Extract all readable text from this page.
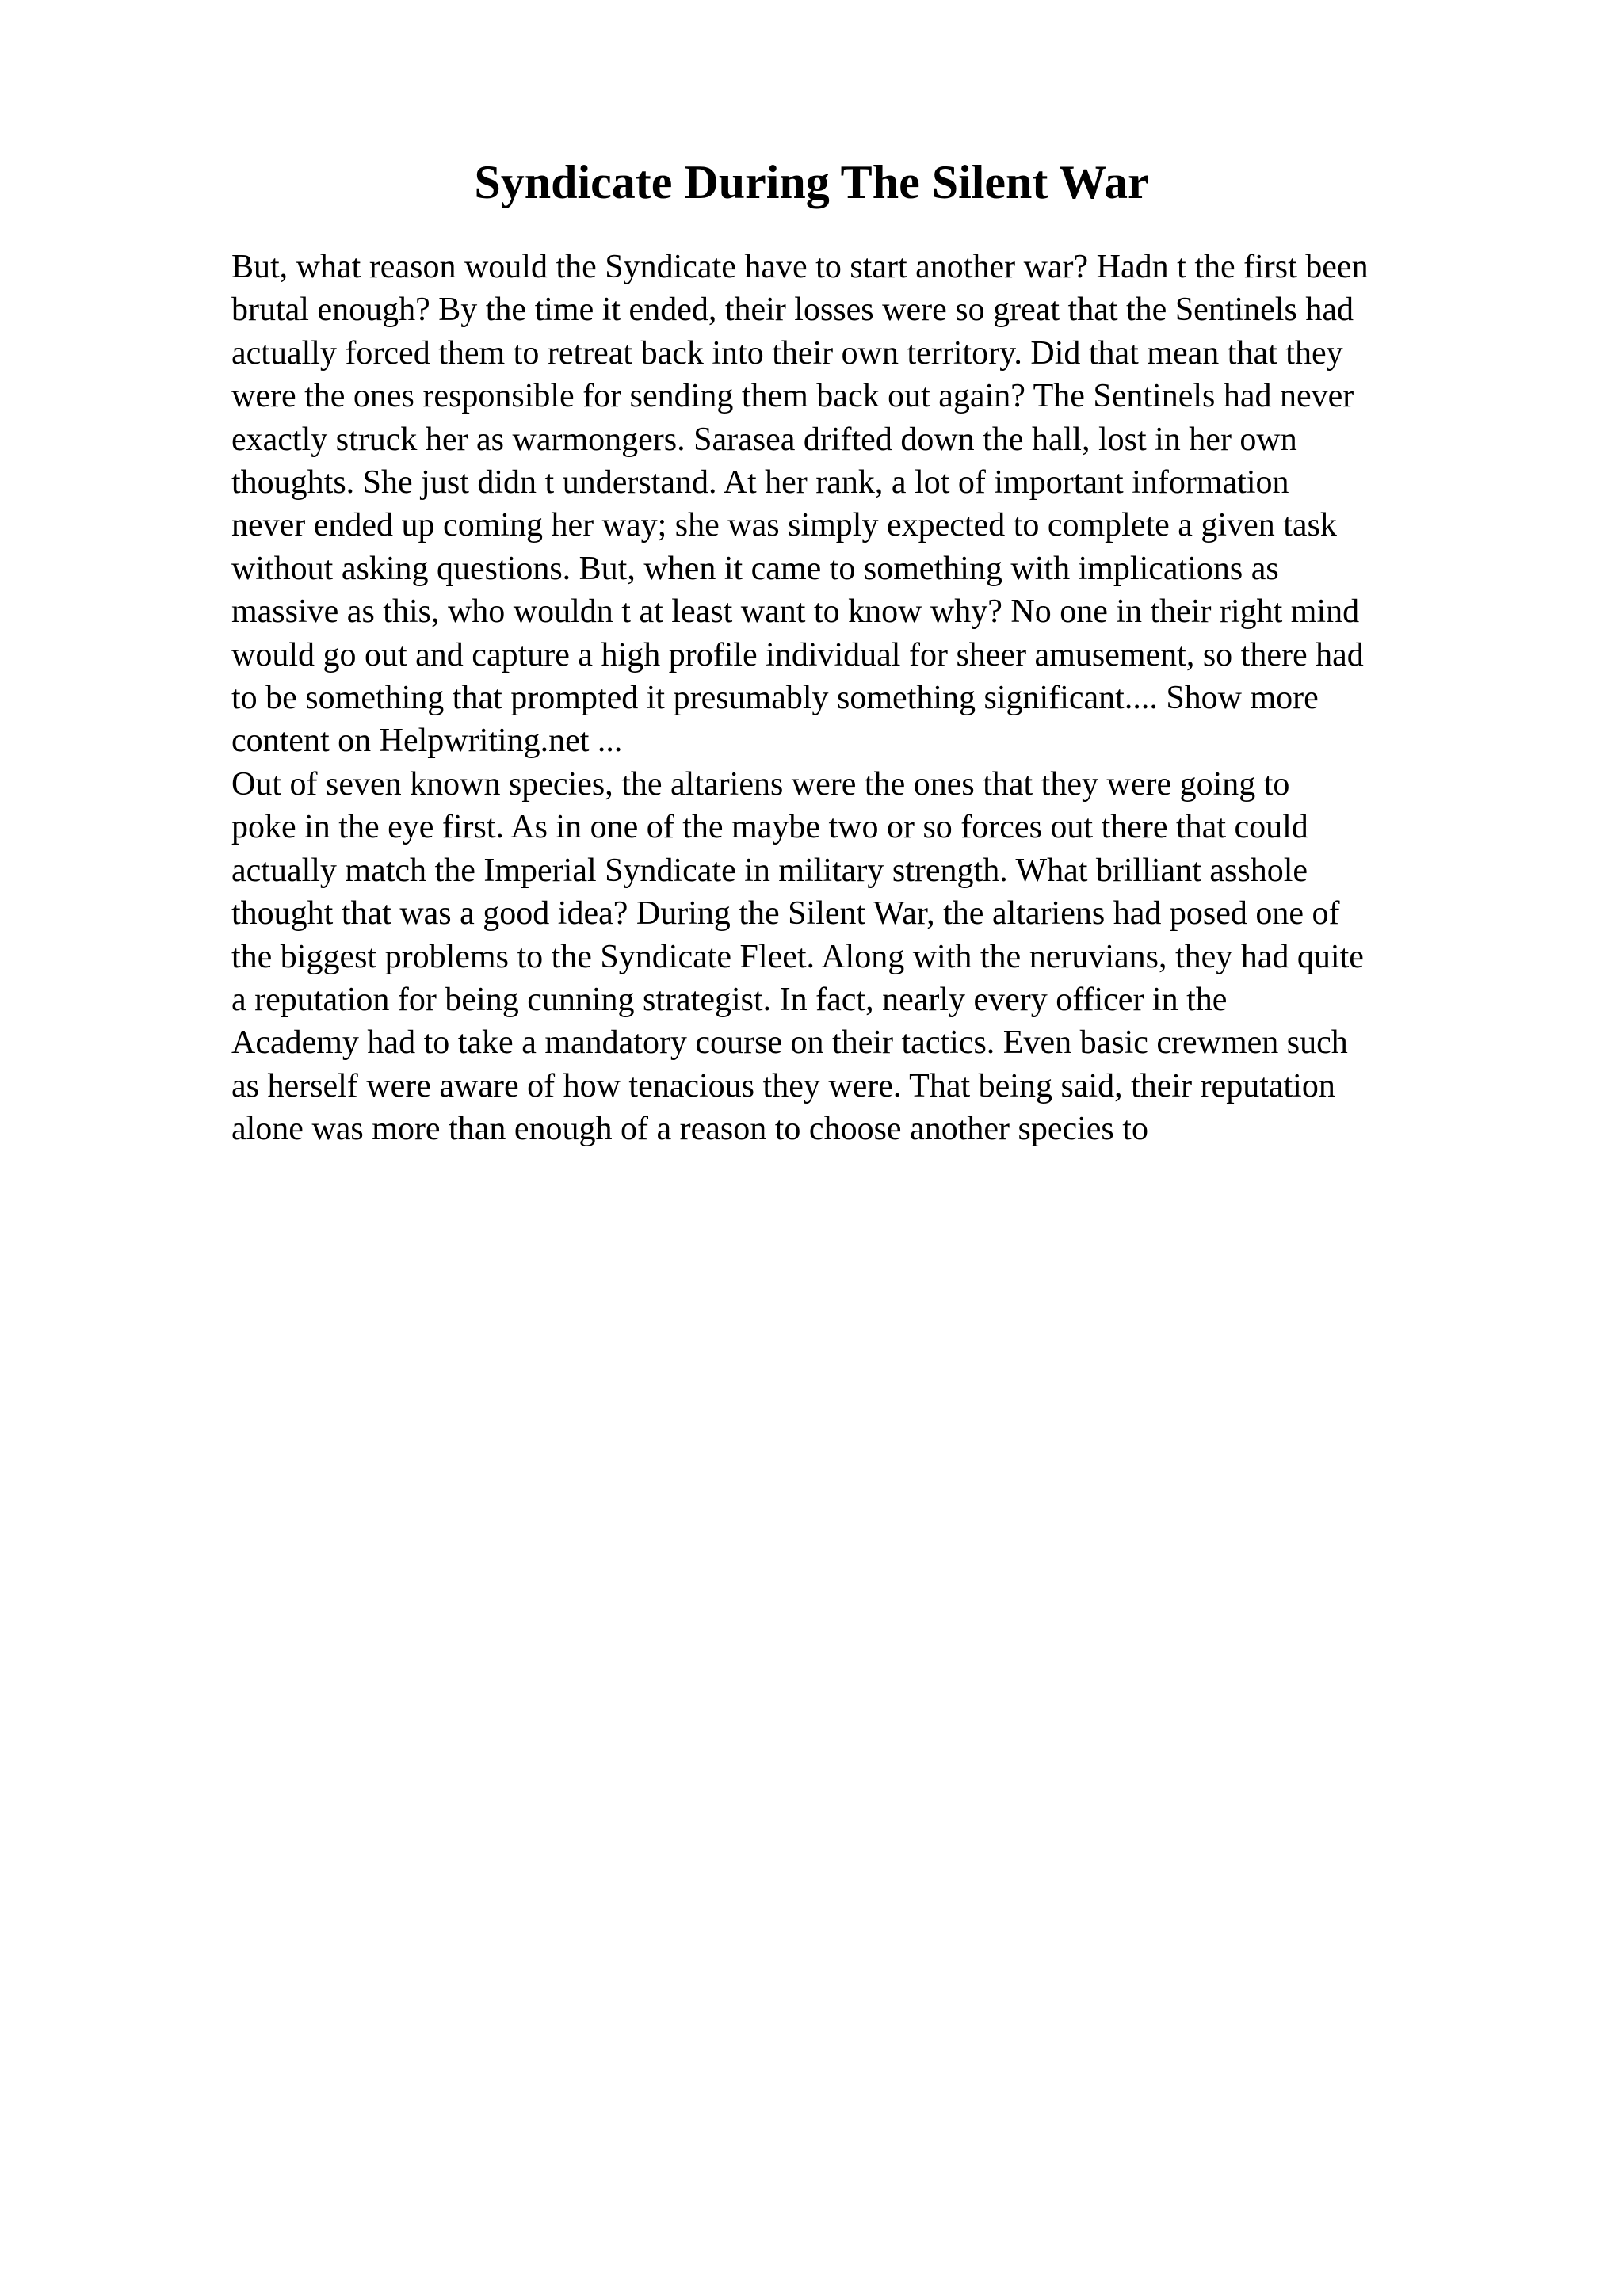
Syndicate During The Silent War

But, what reason would the Syndicate have to start another war? Hadn t the first been
brutal enough? By the time it ended, their losses were so great that the Sentinels had
actually forced them to retreat back into their own territory. Did that mean that they
were the ones responsible for sending them back out again? The Sentinels had never
exactly struck her as warmongers. Sarasea drifted down the hall, lost in her own
thoughts. She just didn t understand. At her rank, a lot of important information
never ended up coming her way; she was simply expected to complete a given task
without asking questions. But, when it came to something with implications as
massive as this, who wouldn t at least want to know why? No one in their right mind
would go out and capture a high profile individual for sheer amusement, so there had
to be something that prompted it presumably something significant.... Show more
content on Helpwriting.net ...

Out of seven known species, the altariens were the ones that they were going to
poke in the eye first. As in one of the maybe two or so forces out there that could
actually match the Imperial Syndicate in military strength. What brilliant asshole
thought that was a good idea? During the Silent War, the altariens had posed one of
the biggest problems to the Syndicate Fleet. Along with the neruvians, they had quite
a reputation for being cunning strategist. In fact, nearly every officer in the
Academy had to take a mandatory course on their tactics. Even basic crewmen such
as herself were aware of how tenacious they were. That being said, their reputation
alone was more than enough of a reason to choose another species to
